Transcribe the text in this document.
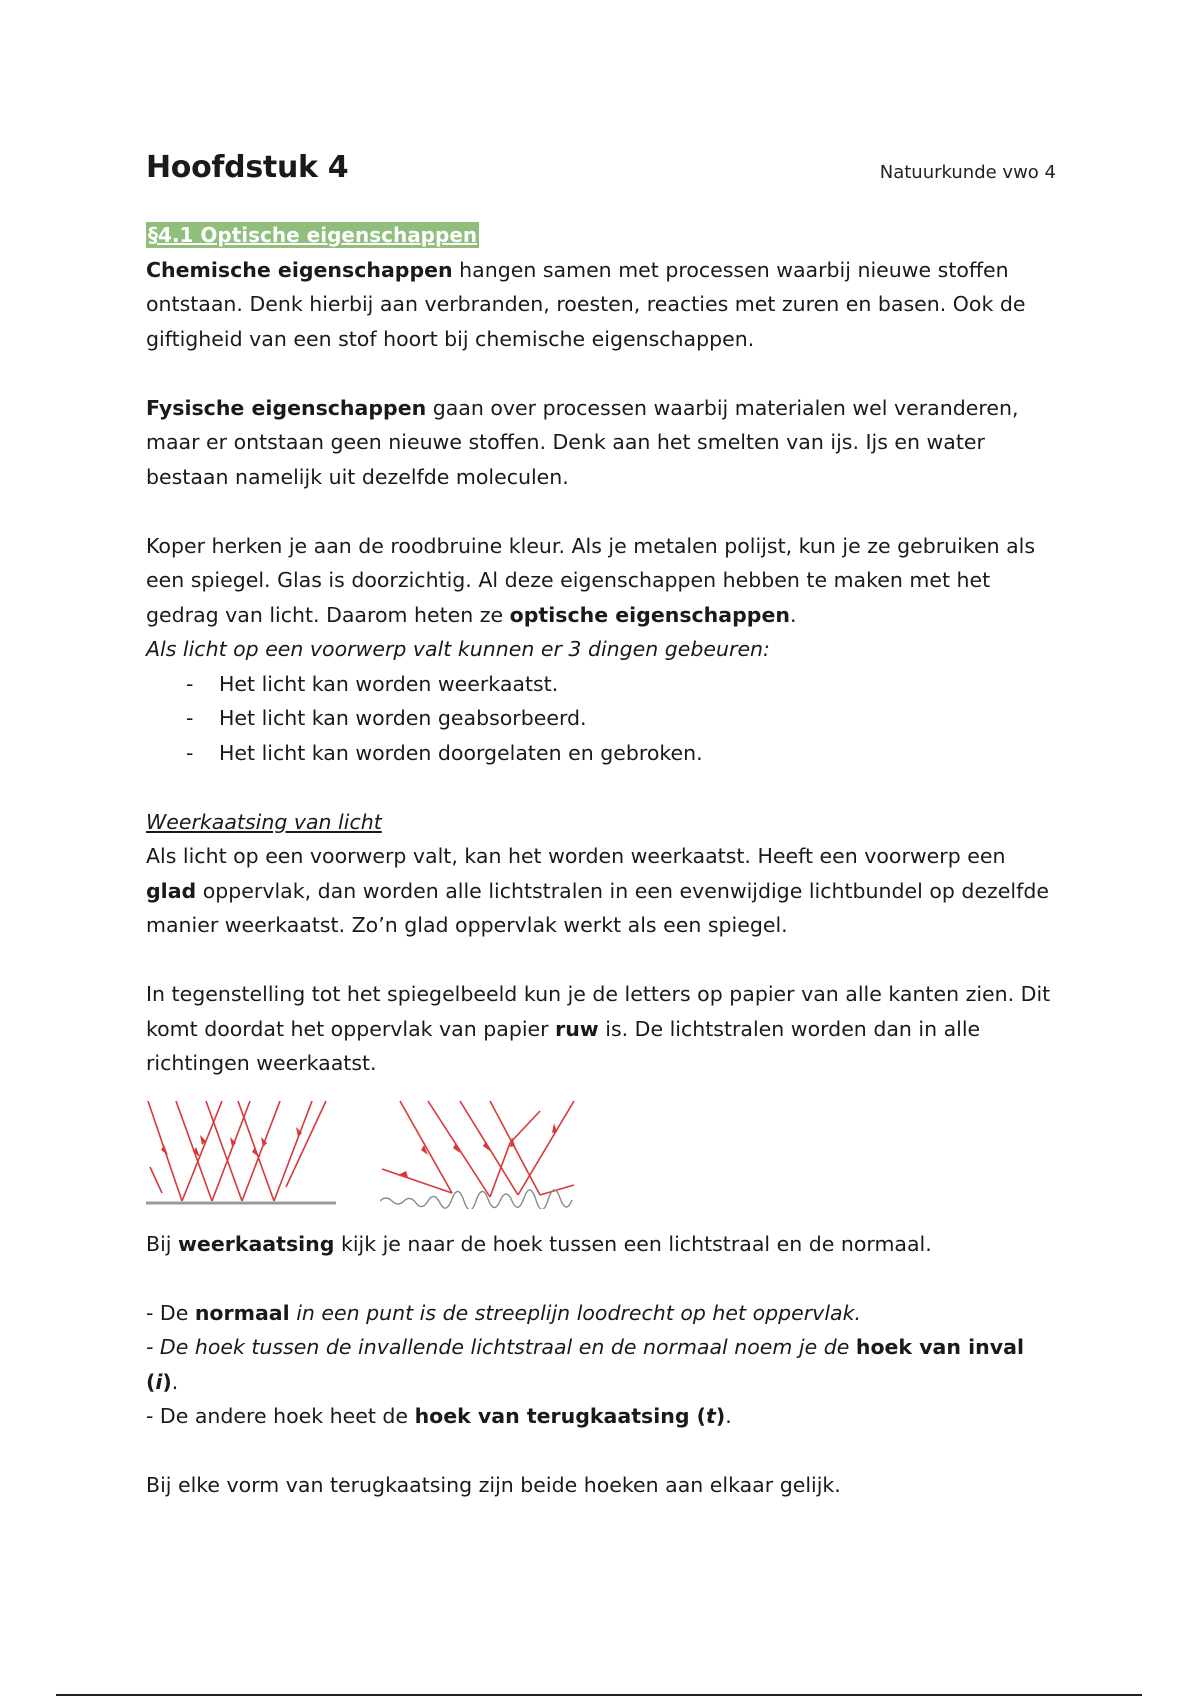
Hoofdstuk 4	Natuurkunde vwo 4
§4.1 Optische eigenschappen

Chemische eigenschappen hangen samen met processen waarbij nieuwe stoffen ontstaan. Denk hierbij aan verbranden, roesten, reacties met zuren en basen. Ook de giftigheid van een stof hoort bij chemische eigenschappen.

Fysische eigenschappen gaan over processen waarbij materialen wel veranderen, maar er ontstaan geen nieuwe stoffen. Denk aan het smelten van ijs. Ijs en water bestaan namelijk uit dezelfde moleculen.

Koper herken je aan de roodbruine kleur. Als je metalen polijst, kun je ze gebruiken als een spiegel. Glas is doorzichtig. Al deze eigenschappen hebben te maken met het gedrag van licht. Daarom heten ze optische eigenschappen.

Als licht op een voorwerp valt kunnen er 3 dingen gebeuren:

- Het licht kan worden weerkaatst.
- Het licht kan worden geabsorbeerd.
- Het licht kan worden doorgelaten en gebroken.

Weerkaatsing van licht

Als licht op een voorwerp valt, kan het worden weerkaatst. Heeft een voorwerp een glad oppervlak, dan worden alle lichtstralen in een evenwijdige lichtbundel op dezelfde manier weerkaatst. Zo’n glad oppervlak werkt als een spiegel.

In tegenstelling tot het spiegelbeeld kun je de letters op papier van alle kanten zien. Dit komt doordat het oppervlak van papier ruw is. De lichtstralen worden dan in alle richtingen weerkaatst.

Bij weerkaatsing kijk je naar de hoek tussen een lichtstraal en de normaal.

- De normaal in een punt is de streeplijn loodrecht op het oppervlak.

- De hoek tussen de invallende lichtstraal en de normaal noem je de hoek van inval (i).

- De andere hoek heet de hoek van terugkaatsing (t).

Bij elke vorm van terugkaatsing zijn beide hoeken aan elkaar gelijk.
